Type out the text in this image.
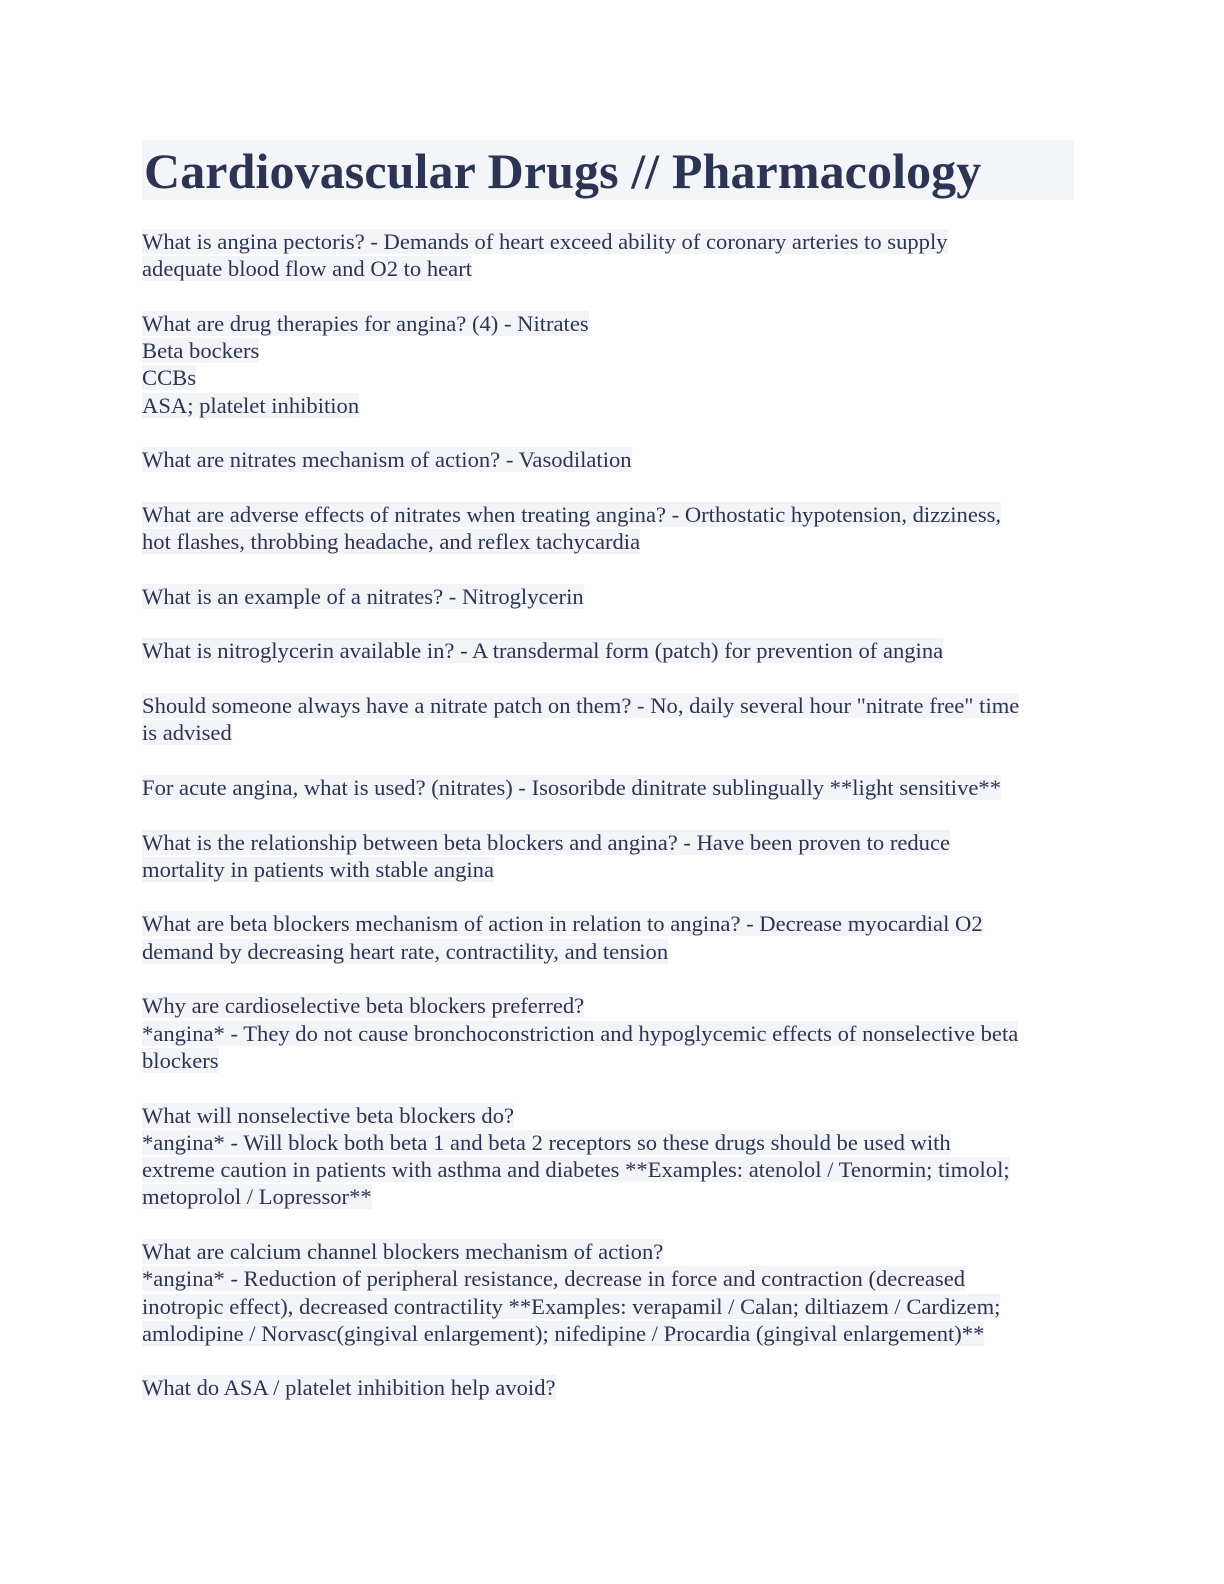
Cardiovascular Drugs // Pharmacology
What is angina pectoris? - Demands of heart exceed ability of coronary arteries to supply
adequate blood flow and O2 to heart
What are drug therapies for angina? (4) - Nitrates
Beta bockers
CCBs
ASA; platelet inhibition
What are nitrates mechanism of action? - Vasodilation
What are adverse effects of nitrates when treating angina? - Orthostatic hypotension, dizziness,
hot flashes, throbbing headache, and reflex tachycardia
What is an example of a nitrates? - Nitroglycerin
What is nitroglycerin available in? - A transdermal form (patch) for prevention of angina
Should someone always have a nitrate patch on them? - No, daily several hour "nitrate free" time
is advised
For acute angina, what is used? (nitrates) - Isosoribde dinitrate sublingually **light sensitive**
What is the relationship between beta blockers and angina? - Have been proven to reduce
mortality in patients with stable angina
What are beta blockers mechanism of action in relation to angina? - Decrease myocardial O2
demand by decreasing heart rate, contractility, and tension
Why are cardioselective beta blockers preferred?
*angina* - They do not cause bronchoconstriction and hypoglycemic effects of nonselective beta
blockers
What will nonselective beta blockers do?
*angina* - Will block both beta 1 and beta 2 receptors so these drugs should be used with
extreme caution in patients with asthma and diabetes **Examples: atenolol / Tenormin; timolol;
metoprolol / Lopressor**
What are calcium channel blockers mechanism of action?
*angina* - Reduction of peripheral resistance, decrease in force and contraction (decreased
inotropic effect), decreased contractility **Examples: verapamil / Calan; diltiazem / Cardizem;
amlodipine / Norvasc(gingival enlargement); nifedipine / Procardia (gingival enlargement)**
What do ASA / platelet inhibition help avoid?
